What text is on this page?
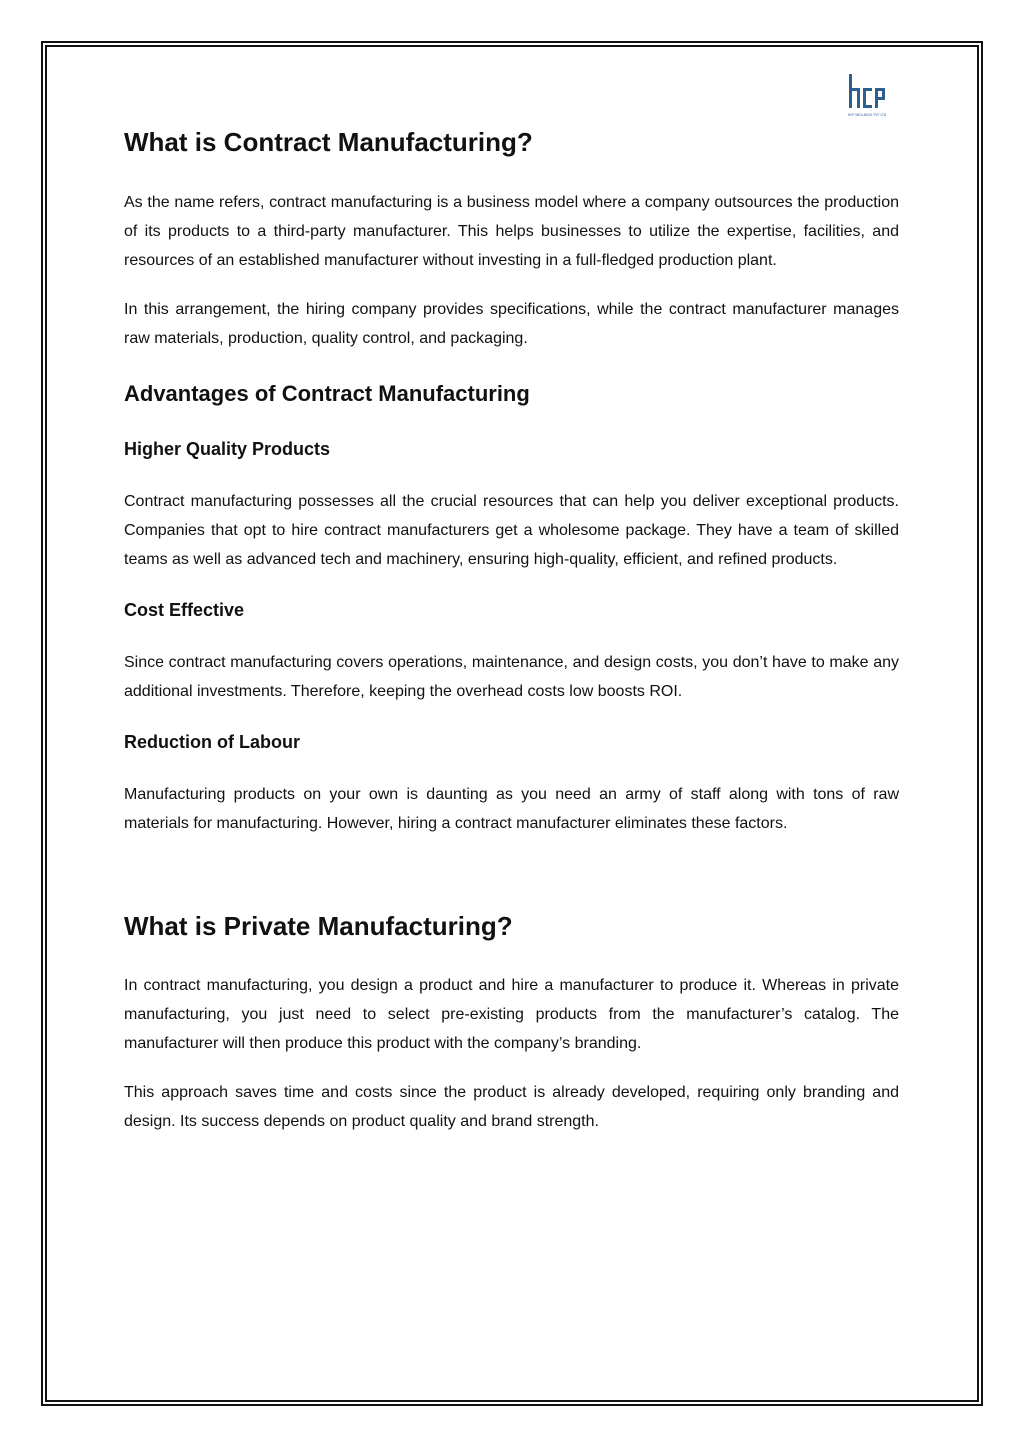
HCP WELLNESS PVT LTD
What is Contract Manufacturing?

As the name refers, contract manufacturing is a business model where a company outsources the production of its products to a third-party manufacturer. This helps businesses to utilize the expertise, facilities, and resources of an established manufacturer without investing in a full-fledged production plant.

In this arrangement, the hiring company provides specifications, while the contract manufacturer manages raw materials, production, quality control, and packaging.

Advantages of Contract Manufacturing
Higher Quality Products

Contract manufacturing possesses all the crucial resources that can help you deliver exceptional products. Companies that opt to hire contract manufacturers get a wholesome package. They have a team of skilled teams as well as advanced tech and machinery, ensuring high-quality, efficient, and refined products.

Cost Effective

Since contract manufacturing covers operations, maintenance, and design costs, you don’t have to make any additional investments. Therefore, keeping the overhead costs low boosts ROI.

Reduction of Labour

Manufacturing products on your own is daunting as you need an army of staff along with tons of raw materials for manufacturing. However, hiring a contract manufacturer eliminates these factors.

What is Private Manufacturing?

In contract manufacturing, you design a product and hire a manufacturer to produce it. Whereas in private manufacturing, you just need to select pre-existing products from the manufacturer’s catalog. The manufacturer will then produce this product with the company’s branding.

This approach saves time and costs since the product is already developed, requiring only branding and design. Its success depends on product quality and brand strength.
